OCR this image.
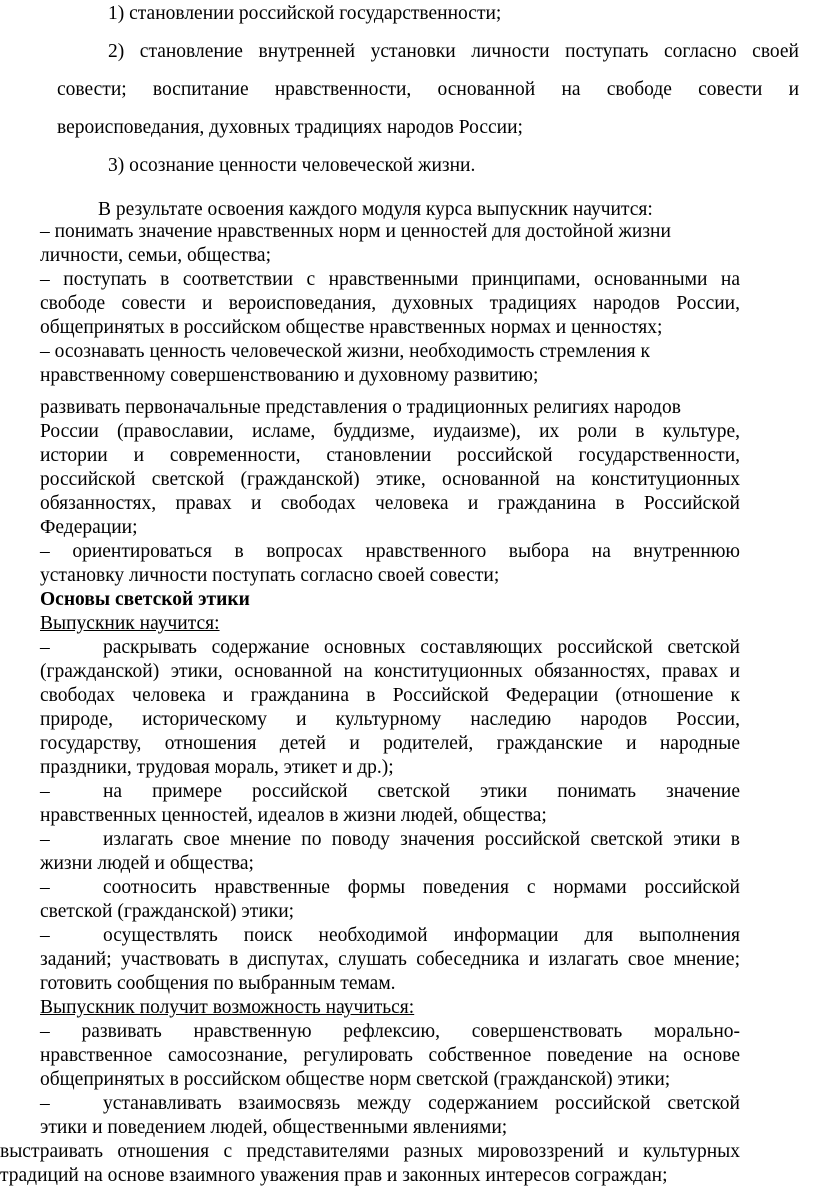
1) становлении российской государственности;
2) становление внутренней установки личности поступать согласно своей
совести; воспитание нравственности, основанной на свободе совести и
вероисповедания, духовных традициях народов России;
3) осознание ценности человеческой жизни.
В результате освоения каждого модуля курса выпускник научится:
– понимать значение нравственных норм и ценностей для достойной жизни
личности, семьи, общества;
– поступать в соответствии с нравственными принципами, основанными на
свободе совести и вероисповедания, духовных традициях народов России,
общепринятых в российском обществе нравственных нормах и ценностях;
– осознавать ценность человеческой жизни, необходимость стремления к
нравственному совершенствованию и духовному развитию;
развивать первоначальные представления о традиционных религиях народов
России (православии, исламе, буддизме, иудаизме), их роли в культуре,
истории и современности, становлении российской государственности,
российской светской (гражданской) этике, основанной на конституционных
обязанностях, правах и свободах человека и гражданина в Российской
Федерации;
– ориентироваться в вопросах нравственного выбора на внутреннюю
установку личности поступать согласно своей совести;
Основы светской этики
Выпускник научится:
–	раскрывать содержание основных составляющих российской светской
(гражданской) этики, основанной на конституционных обязанностях, правах и
свободах человека и гражданина в Российской Федерации (отношение к
природе, историческому и культурному наследию народов России,
государству, отношения детей и родителей, гражданские и народные
праздники, трудовая мораль, этикет и др.);
–	на примере российской светской этики понимать значение
нравственных ценностей, идеалов в жизни людей, общества;
–	излагать свое мнение по поводу значения российской светской этики в
жизни людей и общества;
–	соотносить нравственные формы поведения с нормами российской
светской (гражданской) этики;
–	осуществлять поиск необходимой информации для выполнения
заданий; участвовать в диспутах, слушать собеседника и излагать свое мнение;
готовить сообщения по выбранным темам.
Выпускник получит возможность научиться:
– развивать нравственную рефлексию, совершенствовать морально-
нравственное самосознание, регулировать собственное поведение на основе
общепринятых в российском обществе норм светской (гражданской) этики;
–	устанавливать взаимосвязь между содержанием российской светской
этики и поведением людей, общественными явлениями;
выстраивать отношения с представителями разных мировоззрений и культурных
традиций на основе взаимного уважения прав и законных интересов сограждан;
